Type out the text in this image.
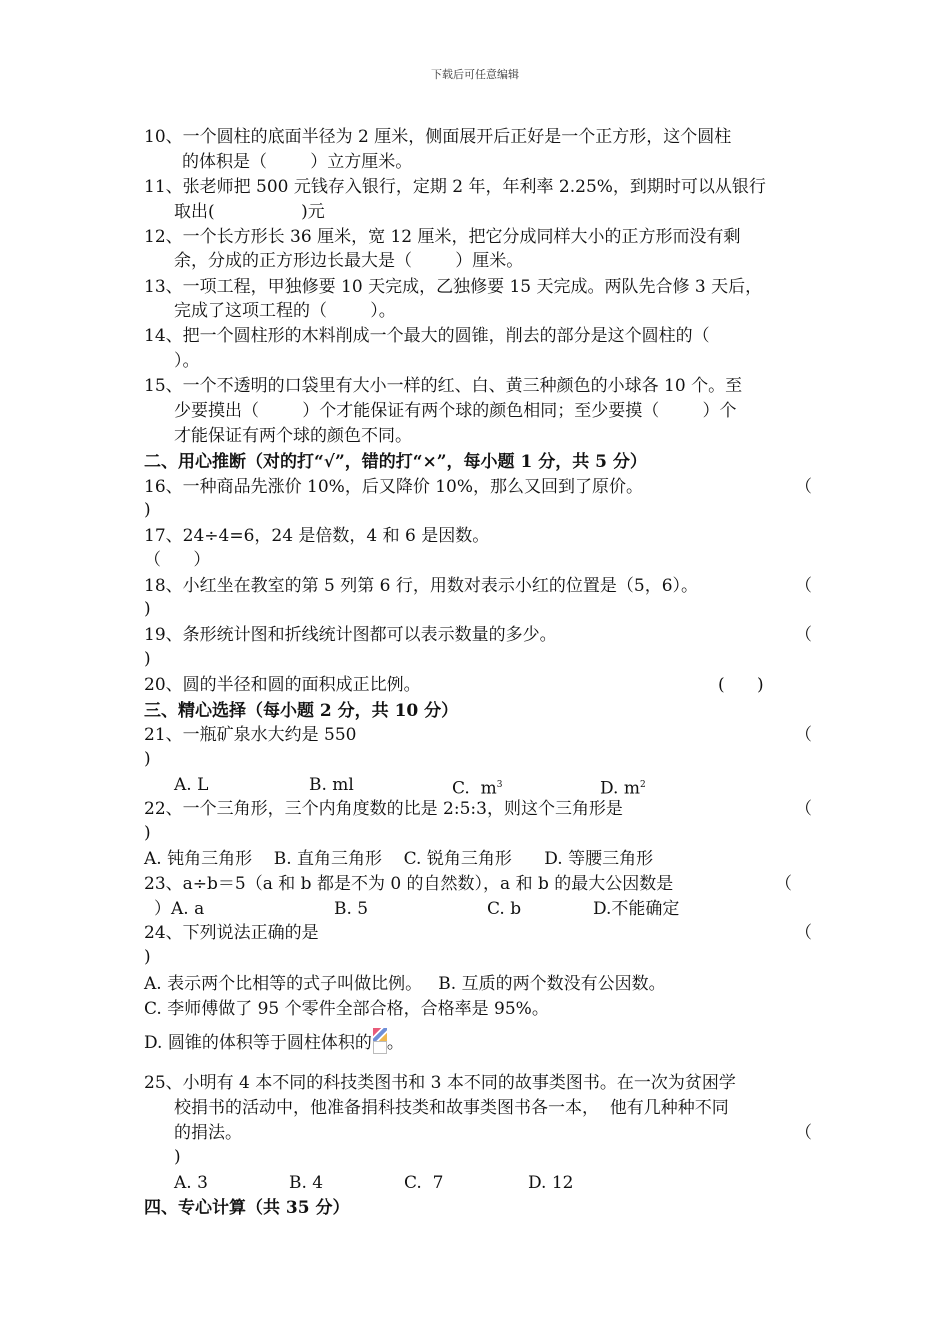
下载后可任意编辑
10、一个圆柱的底面半径为 2 厘米，侧面展开后正好是一个正方形，这个圆柱
的体积是（        ）立方厘米。
11、张老师把 500 元钱存入银行，定期 2 年，年利率 2.25%，到期时可以从银行
取出(                )元
12、一个长方形长 36 厘米，宽 12 厘米，把它分成同样大小的正方形而没有剩
余，分成的正方形边长最大是（        ）厘米。
13、一项工程，甲独修要 10 天完成，乙独修要 15 天完成。两队先合修 3 天后，
完成了这项工程的（        ）。
14、把一个圆柱形的木料削成一个最大的圆锥，削去的部分是这个圆柱的（
）。
15、一个不透明的口袋里有大小一样的红、白、黄三种颜色的小球各 10 个。至
少要摸出（        ）个才能保证有两个球的颜色相同；至少要摸（        ）个
才能保证有两个球的颜色不同。
二、用心推断（对的打“√”，错的打“×”，每小题 1 分，共 5 分）
16、一种商品先涨价 10%，后又降价 10%，那么又回到了原价。	（
)
17、24÷4=6，24 是倍数，4 和 6 是因数。
（      ）
18、小红坐在教室的第 5 列第 6 行，用数对表示小红的位置是（5，6）。	（
)
19、条形统计图和折线统计图都可以表示数量的多少。	（
)
20、圆的半径和圆的面积成正比例。	(      )
三、精心选择（每小题 2 分，共 10 分）
21、一瓶矿泉水大约是 550	（
)
A. L	B. ml	C.  $m^3$	D. $m^2$
22、一个三角形，三个内角度数的比是 2:5:3，则这个三角形是	（
)
A. 钝角三角形    B. 直角三角形    C. 锐角三角形      D. 等腰三角形
23、a÷b＝5（a 和 b 都是不为 0 的自然数），a 和 b 的最大公因数是	（
）A. a	B. 5	C. b	D.不能确定
24、下列说法正确的是	（
)
A. 表示两个比相等的式子叫做比例。   B. 互质的两个数没有公因数。
C. 李师傅做了 95 个零件全部合格，合格率是 95%。
D. 圆锥的体积等于圆柱体积的 。
25、小明有 4 本不同的科技类图书和 3 本不同的故事类图书。在一次为贫困学
校捐书的活动中，他准备捐科技类和故事类图书各一本，  他有几种种不同
的捐法。	（
)
A. 3	B. 4	C.  7	D. 12
四、专心计算（共 35 分）
